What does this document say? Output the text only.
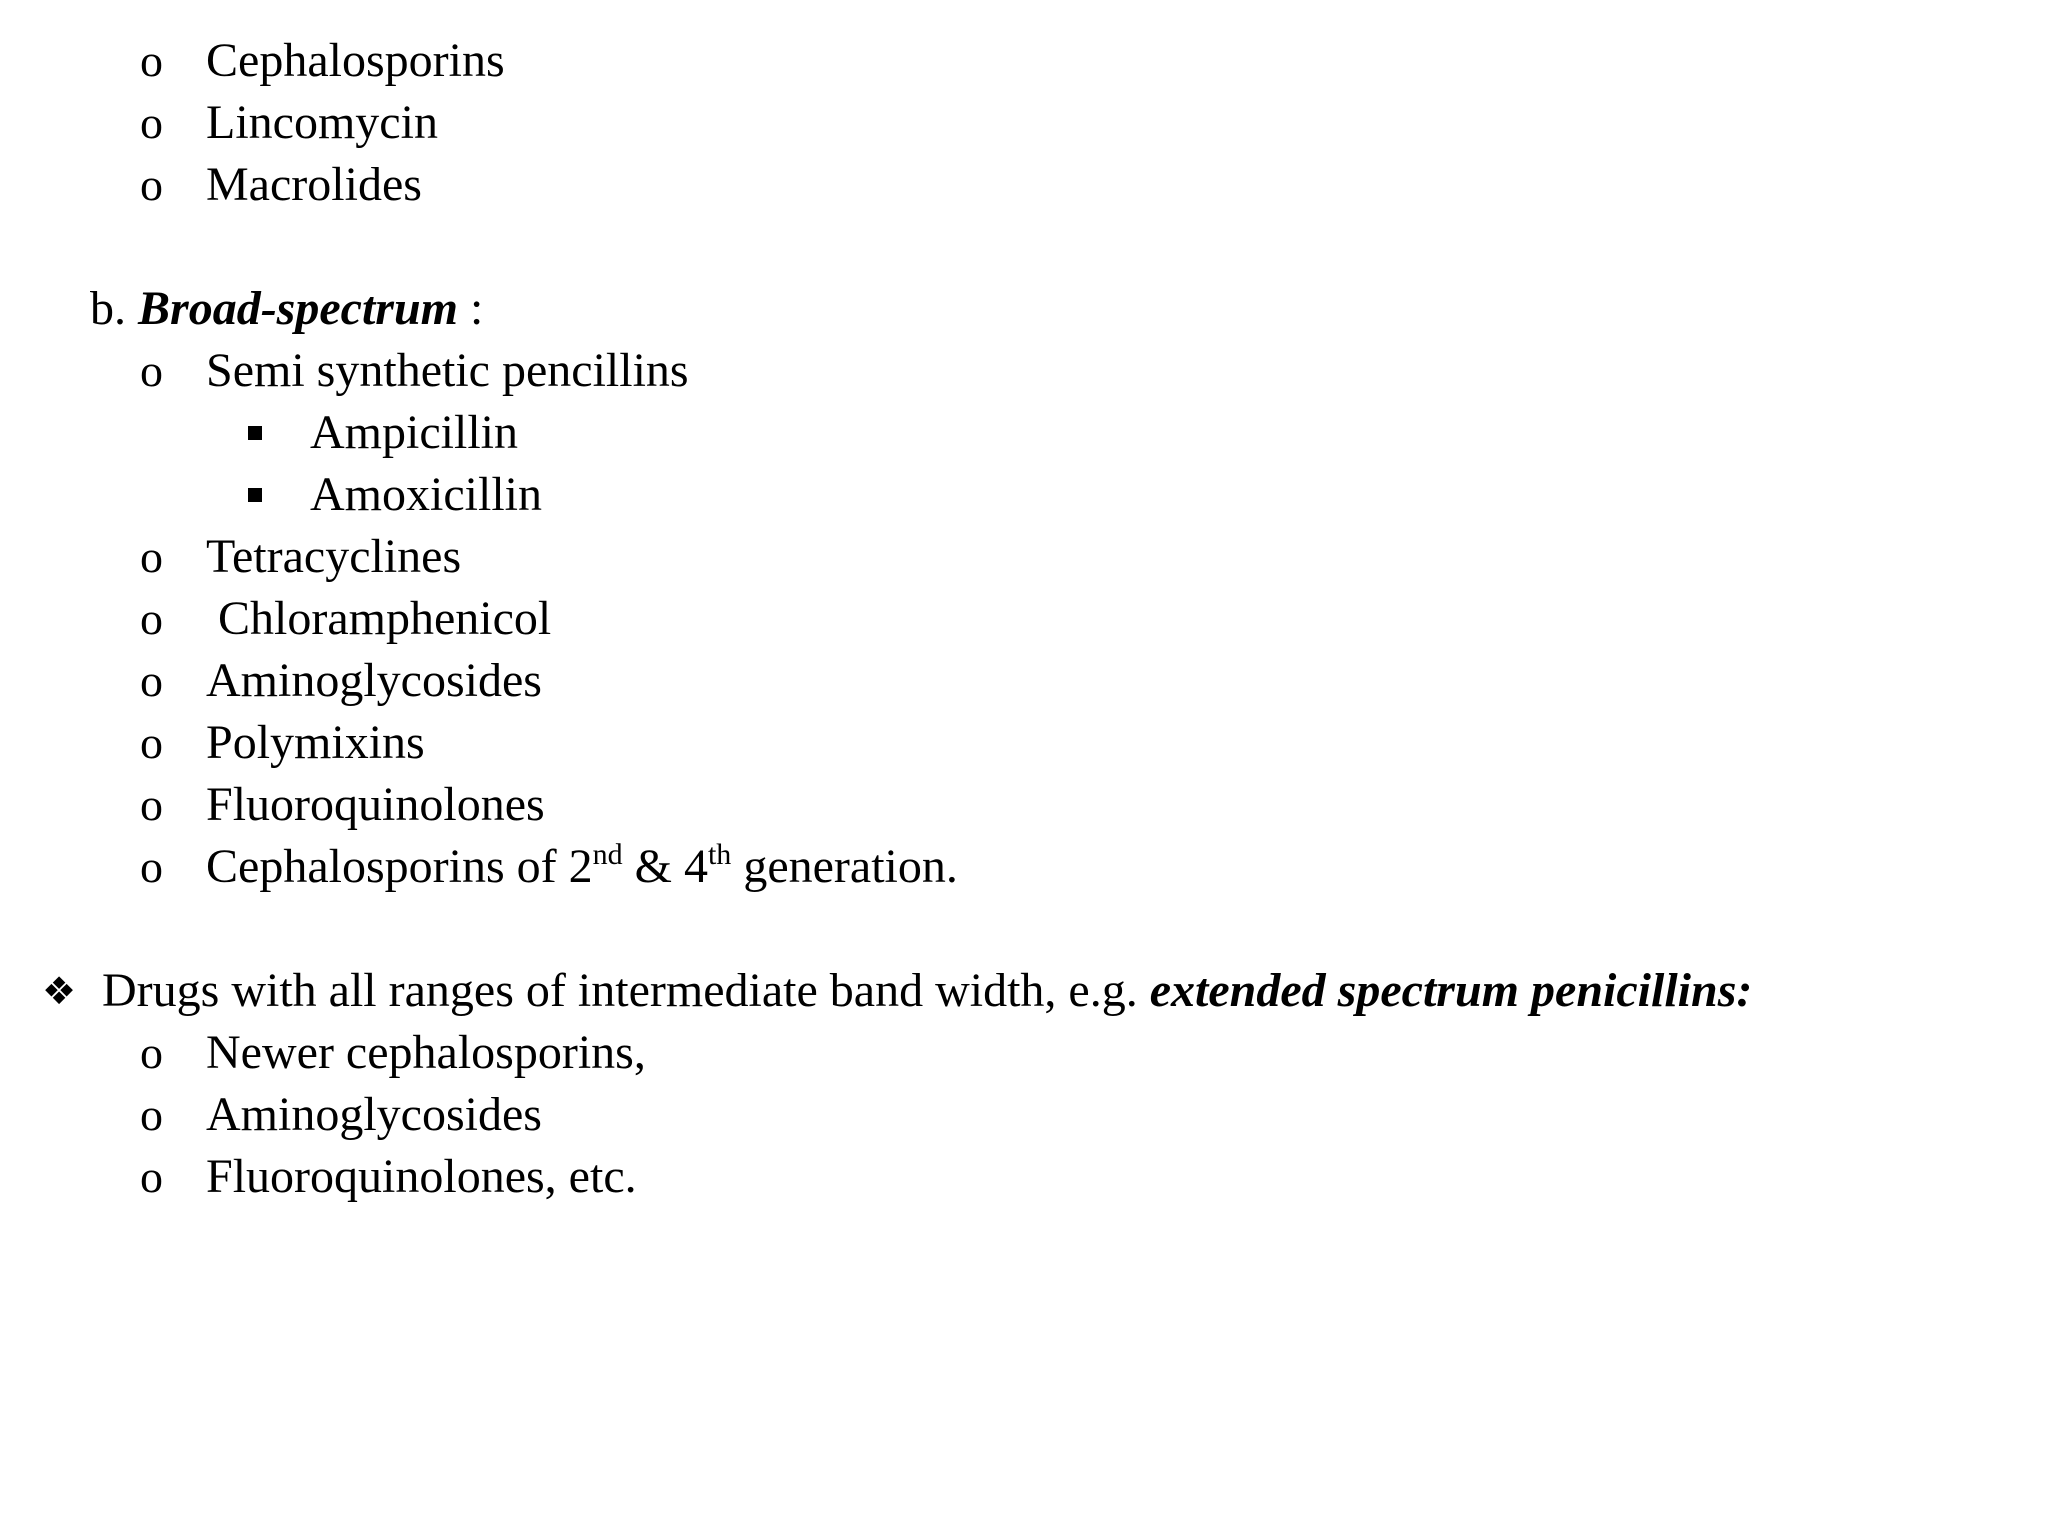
o Cephalosporins
o Lincomycin
o Macrolides
b. Broad-spectrum :
o Semi synthetic pencillins
Ampicillin
Amoxicillin
o Tetracyclines
o Chloramphenicol
o Aminoglycosides
o Polymixins
o Fluoroquinolones
o Cephalosporins of 2nd & 4th generation.
❖ Drugs with all ranges of intermediate band width, e.g. extended spectrum penicillins:
o Newer cephalosporins,
o Aminoglycosides
o Fluoroquinolones, etc.
